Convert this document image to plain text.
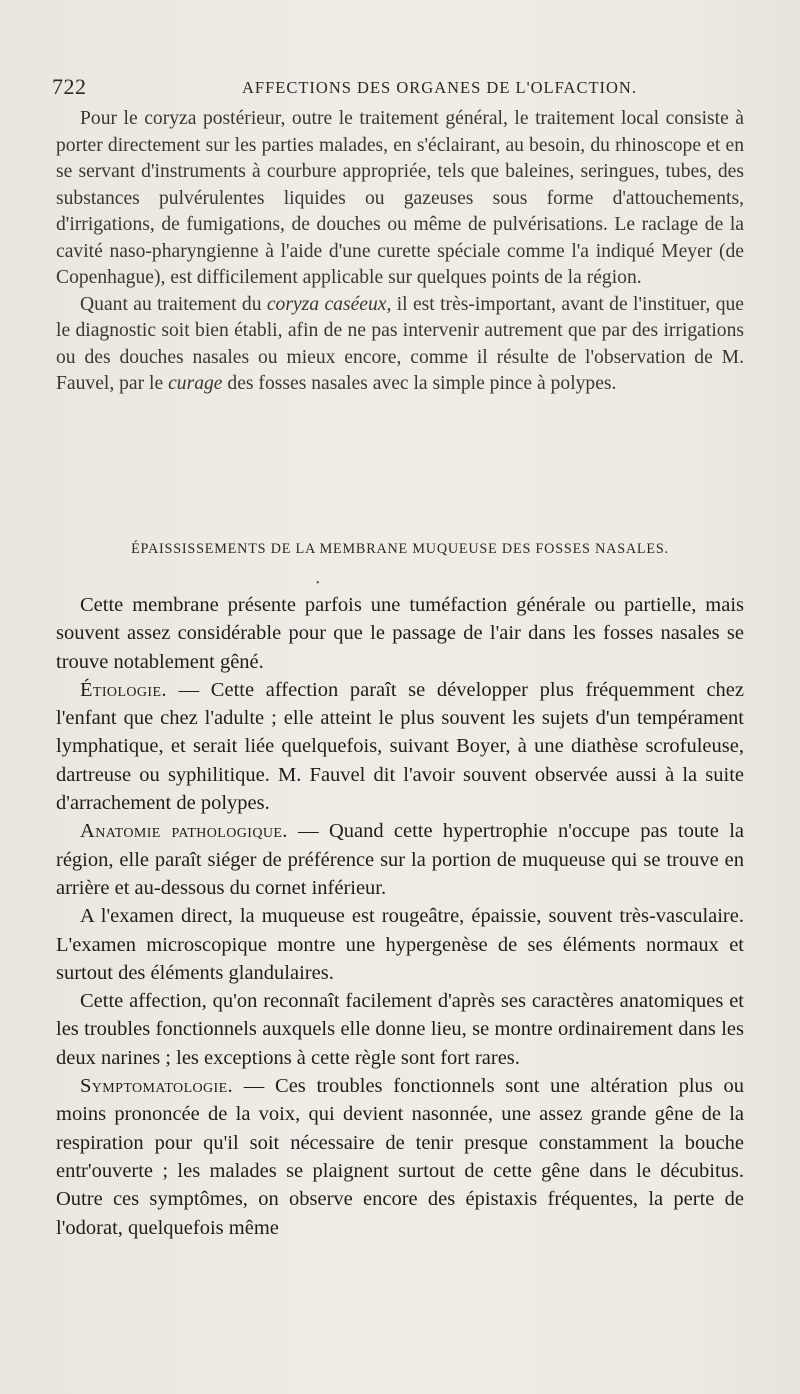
722	AFFECTIONS DES ORGANES DE L'OLFACTION.

Pour le coryza postérieur, outre le traitement général, le traitement local consiste à porter directement sur les parties malades, en s'éclairant, au besoin, du rhinoscope et en se servant d'instruments à courbure appropriée, tels que baleines, seringues, tubes, des substances pulvérulentes liquides ou gazeuses sous forme d'attouchements, d'irrigations, de fumigations, de douches ou même de pulvérisations. Le raclage de la cavité naso-pharyngienne à l'aide d'une curette spéciale comme l'a indiqué Meyer (de Copenhague), est difficilement applicable sur quelques points de la région.

Quant au traitement du coryza caséeux, il est très-important, avant de l'instituer, que le diagnostic soit bien établi, afin de ne pas intervenir autrement que par des irrigations ou des douches nasales ou mieux encore, comme il résulte de l'observation de M. Fauvel, par le curage des fosses nasales avec la simple pince à polypes.

ÉPAISSISSEMENTS DE LA MEMBRANE MUQUEUSE DES FOSSES NASALES.
•

Cette membrane présente parfois une tuméfaction générale ou partielle, mais souvent assez considérable pour que le passage de l'air dans les fosses nasales se trouve notablement gêné.

Étiologie. — Cette affection paraît se développer plus fréquemment chez l'enfant que chez l'adulte ; elle atteint le plus souvent les sujets d'un tempérament lymphatique, et serait liée quelquefois, suivant Boyer, à une diathèse scrofuleuse, dartreuse ou syphilitique. M. Fauvel dit l'avoir souvent observée aussi à la suite d'arrachement de polypes.

Anatomie pathologique. — Quand cette hypertrophie n'occupe pas toute la région, elle paraît siéger de préférence sur la portion de muqueuse qui se trouve en arrière et au-dessous du cornet inférieur.

A l'examen direct, la muqueuse est rougeâtre, épaissie, souvent très-vasculaire. L'examen microscopique montre une hypergenèse de ses éléments normaux et surtout des éléments glandulaires.

Cette affection, qu'on reconnaît facilement d'après ses caractères anatomiques et les troubles fonctionnels auxquels elle donne lieu, se montre ordinairement dans les deux narines ; les exceptions à cette règle sont fort rares.

Symptomatologie. — Ces troubles fonctionnels sont une altération plus ou moins prononcée de la voix, qui devient nasonnée, une assez grande gêne de la respiration pour qu'il soit nécessaire de tenir presque constamment la bouche entr'ouverte ; les malades se plaignent surtout de cette gêne dans le décubitus. Outre ces symptômes, on observe encore des épistaxis fréquentes, la perte de l'odorat, quelquefois même
